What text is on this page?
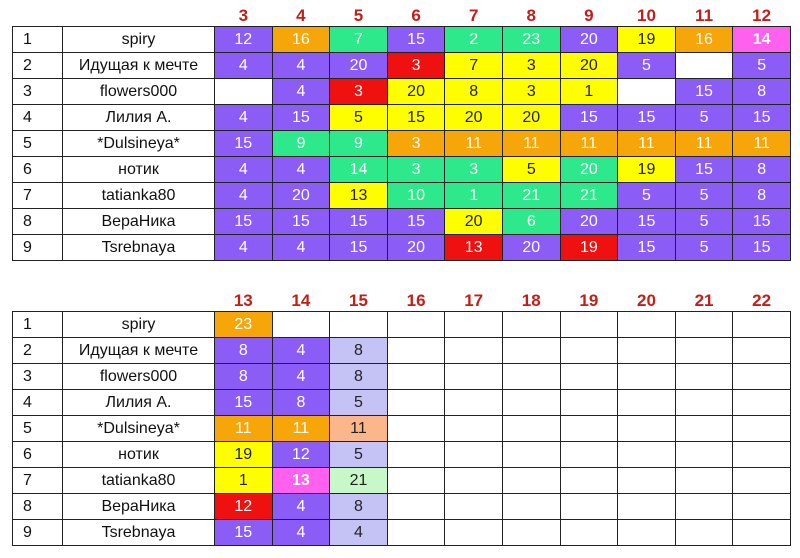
		3	4	5	6	7	8	9	10	11	12
1	spiry	12	16	7	15	2	23	20	19	16	14
2	Идущая к мечте	4	4	20	3	7	3	20	5		5
3	flowers000		4	3	20	8	3	1		15	8
4	Лилия А.	4	15	5	15	20	20	15	15	5	15
5	*Dulsineya*	15	9	9	3	11	11	11	11	11	11
6	нотик	4	4	14	3	3	5	20	19	15	8
7	tatianka80	4	20	13	10	1	21	21	5	5	8
8	ВераНика	15	15	15	15	20	6	20	15	5	15
9	Tsrebnaya	4	4	15	20	13	20	19	15	5	15
		13	14	15	16	17	18	19	20	21	22
1	spiry	23									
2	Идущая к мечте	8	4	8							
3	flowers000	8	4	8							
4	Лилия А.	15	8	5							
5	*Dulsineya*	11	11	11							
6	нотик	19	12	5							
7	tatianka80	1	13	21							
8	ВераНика	12	4	8							
9	Tsrebnaya	15	4	4							
